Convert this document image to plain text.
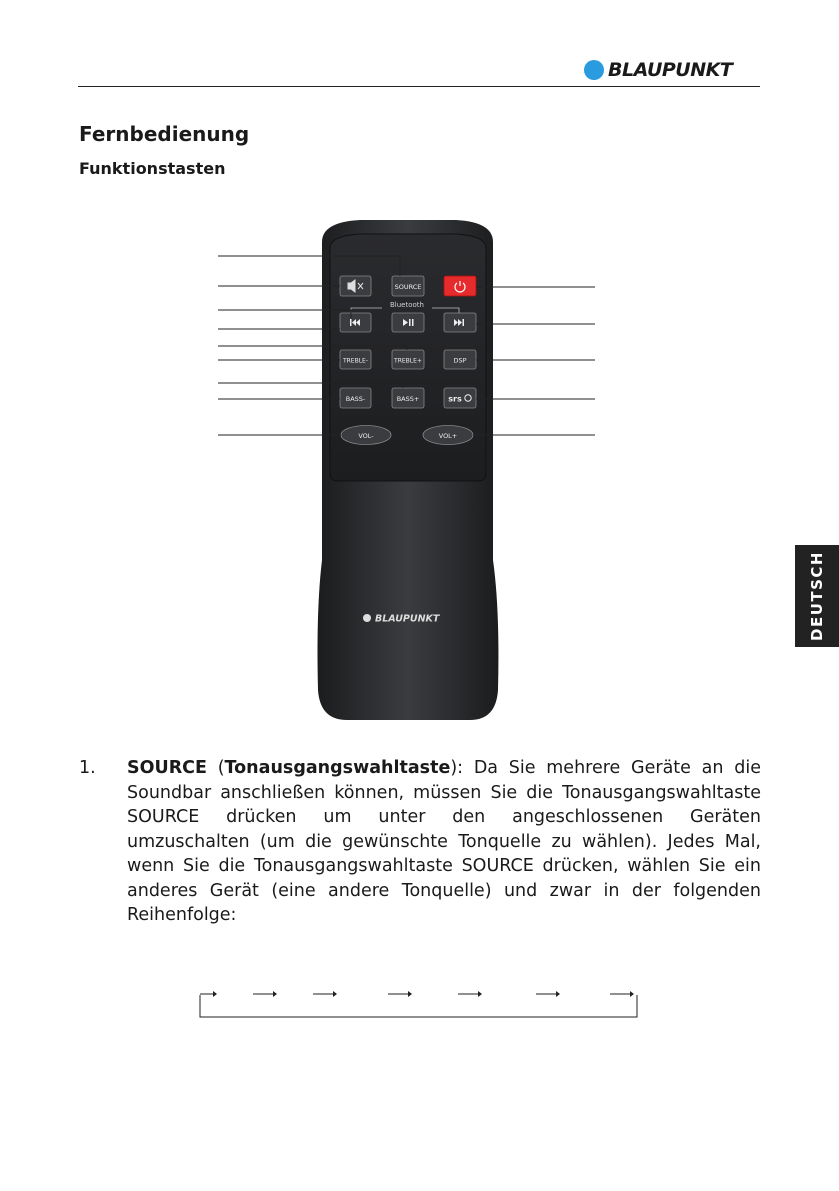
BLAUPUNKT
Fernbedienung
Funktionstasten
DEUTSCH
Bluetooth
SOURCE
TREBLE-	TREBLE+	DSP
BASS-	BASS+	srs
VOL-	VOL+
BLAUPUNKT
1. SOURCE (Tonausgangswahltaste): Da Sie mehrere Geräte an die Soundbar anschließen können, müssen Sie die Tonausgangswahltaste SOURCE drücken um unter den angeschlossenen Geräten umzuschalten (um die gewünschte Tonquelle zu wählen). Jedes Mal, wenn Sie die Tonausgangswahltaste SOURCE drücken, wählen Sie ein anderes Gerät (eine andere Tonquelle) und zwar in der folgenden Reihenfolge:
